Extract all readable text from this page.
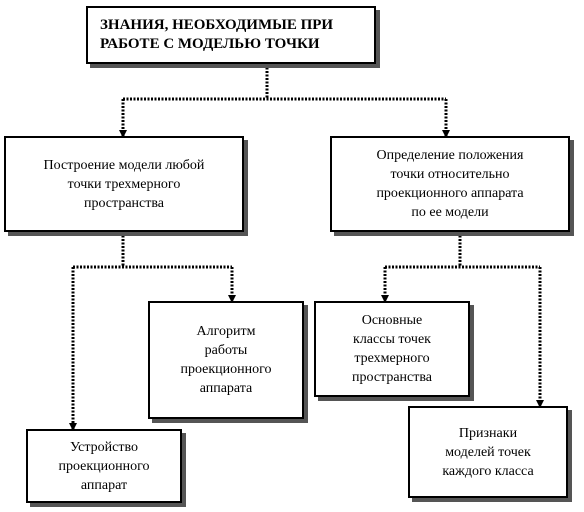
ЗНАНИЯ, НЕОБХОДИМЫЕ ПРИ
РАБОТЕ С МОДЕЛЬЮ ТОЧКИ
Построение модели любой
точки трехмерного
пространства
Определение положения
точки относительно
проекционного аппарата
по ее модели
Алгоритм
работы
проекционного
аппарата
Устройство
проекционного
аппарат
Основные
классы точек
трехмерного
пространства
Признаки
моделей точек
каждого класса
